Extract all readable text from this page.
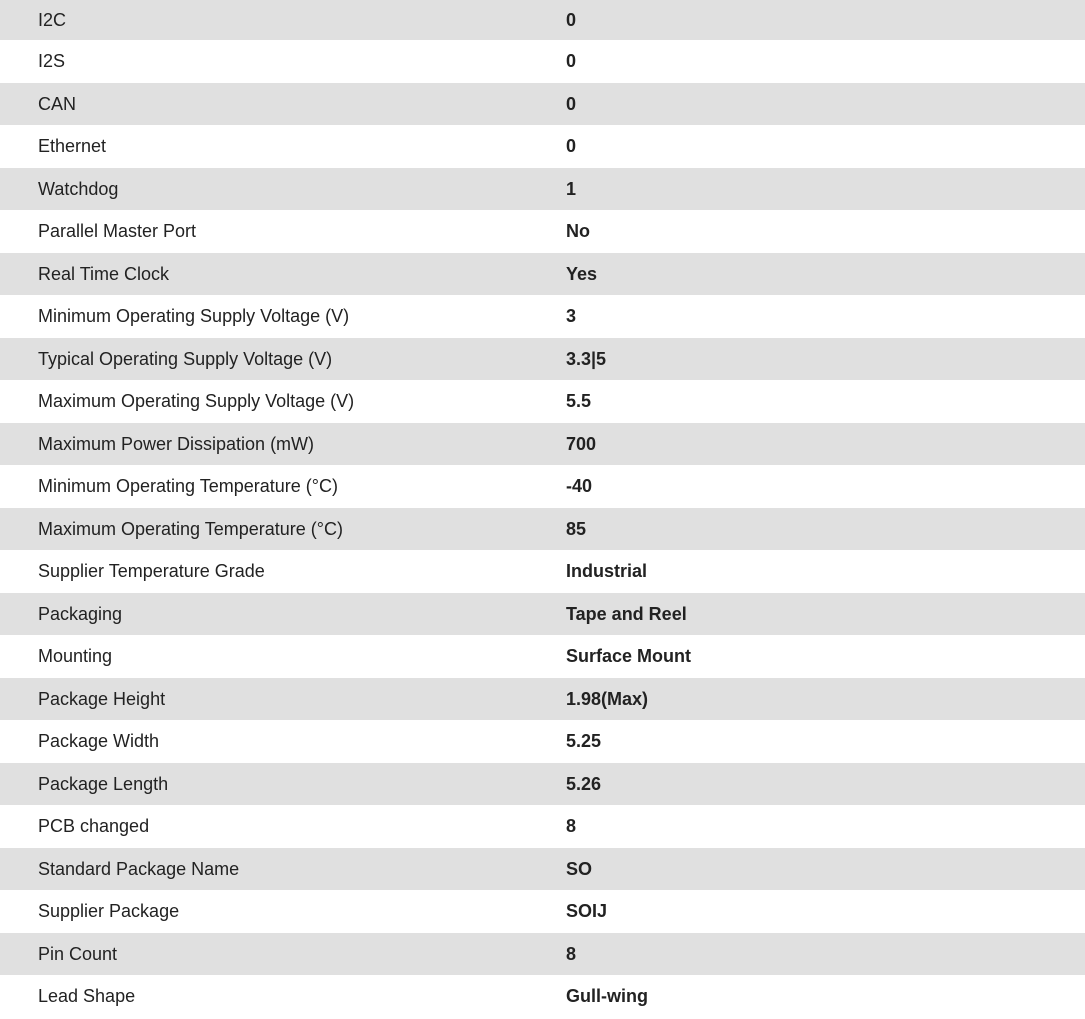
I2C	0
I2S	0
CAN	0
Ethernet	0
Watchdog	1
Parallel Master Port	No
Real Time Clock	Yes
Minimum Operating Supply Voltage (V)	3
Typical Operating Supply Voltage (V)	3.3|5
Maximum Operating Supply Voltage (V)	5.5
Maximum Power Dissipation (mW)	700
Minimum Operating Temperature (°C)	-40
Maximum Operating Temperature (°C)	85
Supplier Temperature Grade	Industrial
Packaging	Tape and Reel
Mounting	Surface Mount
Package Height	1.98(Max)
Package Width	5.25
Package Length	5.26
PCB changed	8
Standard Package Name	SO
Supplier Package	SOIJ
Pin Count	8
Lead Shape	Gull-wing
